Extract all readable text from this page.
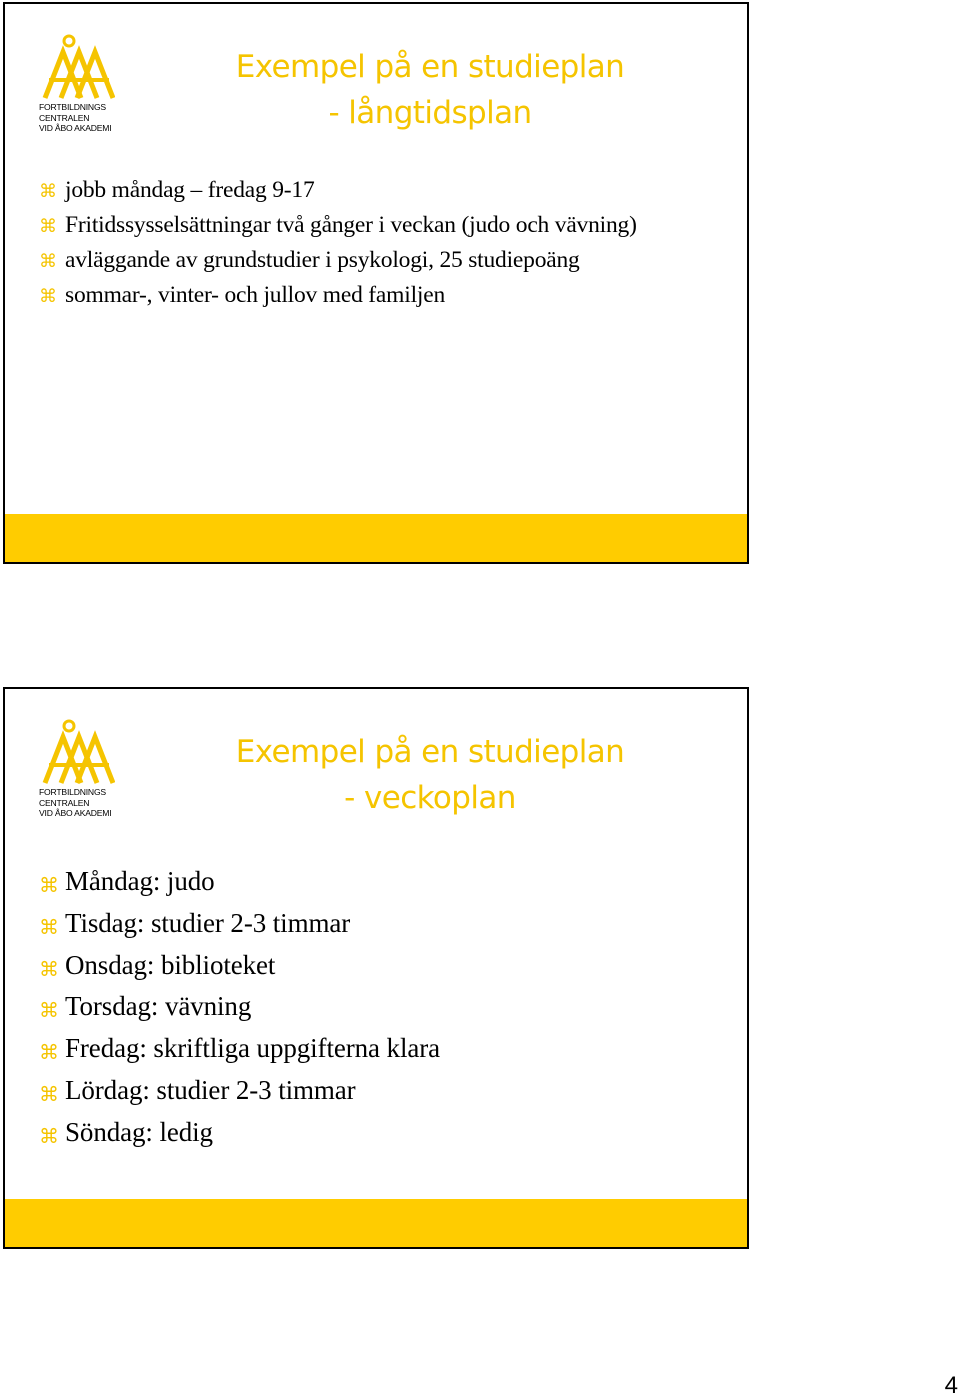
FORTBILDNINGS
CENTRALEN
VID ÅBO AKADEMI
Exempel på en studieplan
- långtidsplan
⌘ jobb måndag – fredag 9-17
⌘ Fritidssysselsättningar två gånger i veckan (judo och vävning)
⌘ avläggande av grundstudier i psykologi, 25 studiepoäng
⌘ sommar-, vinter- och jullov med familjen
FORTBILDNINGS
CENTRALEN
VID ÅBO AKADEMI
Exempel på en studieplan
- veckoplan
⌘ Måndag: judo
⌘ Tisdag: studier 2-3 timmar
⌘ Onsdag: biblioteket
⌘ Torsdag: vävning
⌘ Fredag: skriftliga uppgifterna klara
⌘ Lördag: studier 2-3 timmar
⌘ Söndag: ledig
4
